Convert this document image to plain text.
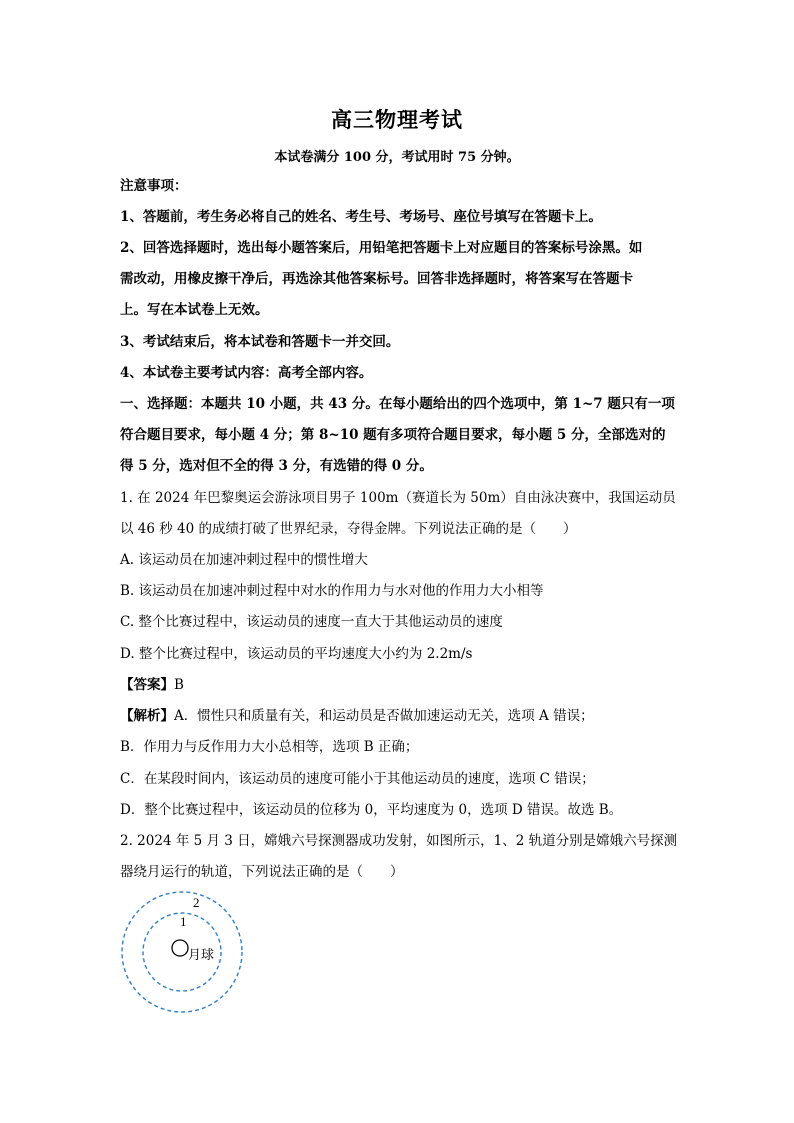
高三物理考试
本试卷满分 100 分，考试用时 75 分钟。
注意事项：
1、答题前，考生务必将自己的姓名、考生号、考场号、座位号填写在答题卡上。
2、回答选择题时，选出每小题答案后，用铅笔把答题卡上对应题目的答案标号涂黑。如
需改动，用橡皮擦干净后，再选涂其他答案标号。回答非选择题时，将答案写在答题卡
上。写在本试卷上无效。
3、考试结束后，将本试卷和答题卡一并交回。
4、本试卷主要考试内容：高考全部内容。
一、选择题：本题共 10 小题，共 43 分。在每小题给出的四个选项中，第 1~7 题只有一项
符合题目要求，每小题 4 分；第 8~10 题有多项符合题目要求，每小题 5 分，全部选对的
得 5 分，选对但不全的得 3 分，有选错的得 0 分。
1. 在 2024 年巴黎奥运会游泳项目男子 100m（赛道长为 50m）自由泳决赛中，我国运动员
以 46 秒 40 的成绩打破了世界纪录，夺得金牌。下列说法正确的是（　　）
A. 该运动员在加速冲刺过程中的惯性增大
B. 该运动员在加速冲刺过程中对水的作用力与水对他的作用力大小相等
C. 整个比赛过程中，该运动员的速度一直大于其他运动员的速度
D. 整个比赛过程中，该运动员的平均速度大小约为 2.2m/s
【答案】B
【解析】A．惯性只和质量有关，和运动员是否做加速运动无关，选项 A 错误；
B．作用力与反作用力大小总相等，选项 B 正确；
C．在某段时间内，该运动员的速度可能小于其他运动员的速度，选项 C 错误；
D．整个比赛过程中，该运动员的位移为 0，平均速度为 0，选项 D 错误。故选 B。
2. 2024 年 5 月 3 日，嫦娥六号探测器成功发射，如图所示，1、2 轨道分别是嫦娥六号探测
器绕月运行的轨道，下列说法正确的是（　　）
2
1
月球
